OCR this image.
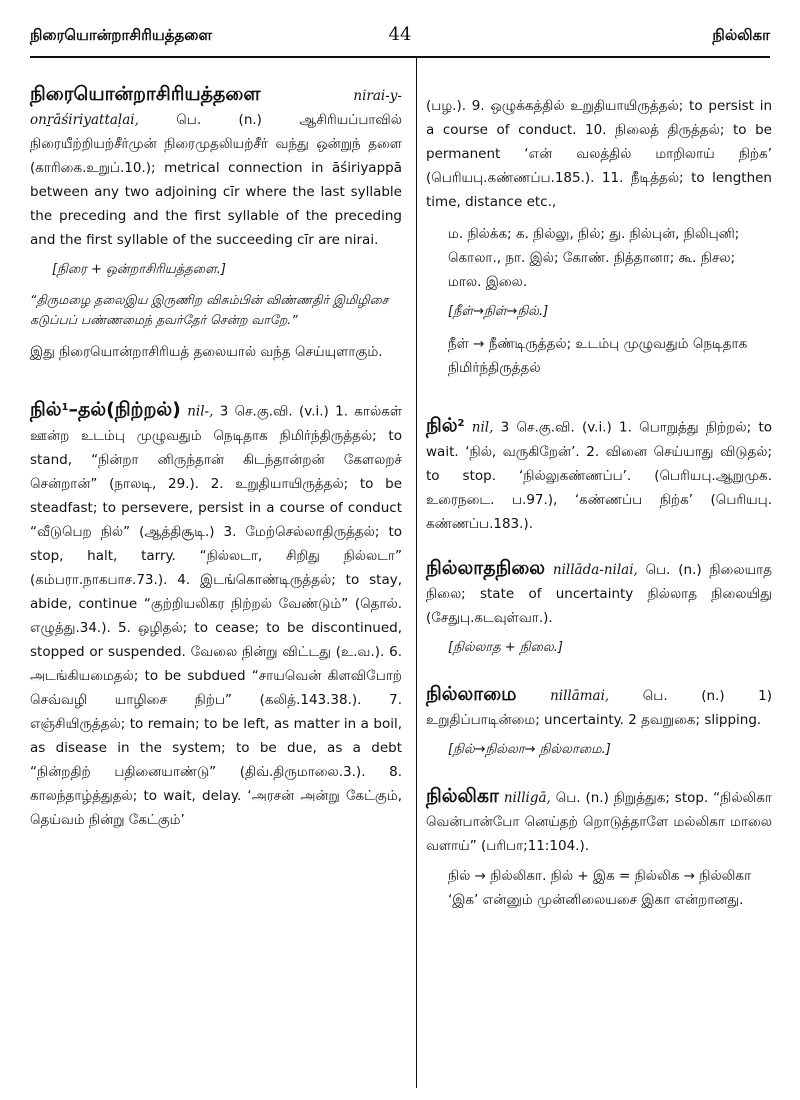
நிரையொன்றாசிரியத்தளை	44	நில்லிகா
நிரையொன்றாசிரியத்தளை	nirai-y-onṟāśiriyattaḷai,	பெ. (n.) ஆசிரியப்பாவில் நிரையீற்றியற்சீர்முன் நிரைமுதலியற்சீர் வந்து ஒன்றுந் தளை (காரிகை.உறுப்.10.); metrical connection in āśiriyappā between any two adjoining cīr where the last syllable the preceding and the first syllable of the preceding and the first syllable of the succeeding cīr are nirai.
[நிரை + ஒன்றாசிரியத்தளை.]
“திருமழை தலைஇய இருணிற விசும்பின் விண்ணதிர் இமிழிசை கடுப்பப் பண்ணமைந் தவர்தேர் சென்ற வாறே.”
இது நிரையொன்றாசிரியத் தலையால் வந்த செய்யுளாகும்.
நில்$^1$–தல்(நிற்றல்) nil-, 3 செ.கு.வி. (v.i.) 1. கால்கள் ஊன்ற உடம்பு முழுவதும் நெடிதாக நிமிர்ந்திருத்தல்; to stand, “நின்றா னிருந்தான் கிடந்தான்றன் கேளலறச் சென்றான்” (நாலடி, 29.). 2. உறுதியாயிருத்தல்; to be steadfast; to persevere, persist in a course of conduct “வீடுபெற நில்” (ஆத்திசூடி.) 3. மேற்செல்லாதிருத்தல்; to stop, halt, tarry. “நில்லடா, சிறிது நில்லடா” (கம்பரா.நாகபாச.73.). 4. இடங்கொண்டிருத்தல்; to stay, abide, continue “குற்றியலிகர நிற்றல் வேண்டும்” (தொல். எழுத்து.34.). 5. ஒழிதல்; to cease; to be discontinued, stopped or suspended. வேலை நின்று விட்டது (உ.வ.). 6. அடங்கியமைதல்; to be subdued “சாயவென் கிளவிபோற் செவ்வழி யாழிசை நிற்ப” (கலித்.143.38.). 7. எஞ்சியிருத்தல்; to remain; to be left, as matter in a boil, as disease in the system; to be due, as a debt “நின்றதிற் பதினையாண்டு” (திவ்.திருமாலை.3.). 8. காலந்தாழ்த்துதல்; to wait, delay. ‘அரசன் அன்று கேட்கும், தெய்வம் நின்று கேட்கும்’
(பழ.). 9. ஒழுக்கத்தில் உறுதியாயிருத்தல்; to persist in a course of conduct. 10. நிலைத் திருத்தல்; to be permanent ‘என் வலத்தில் மாறிலாய் நிற்க’ (பெரியபு.கண்ணப்ப.185.). 11. நீடித்தல்; to lengthen time, distance etc.,
ம. நில்க்க; க. நில்லு, நில்; து. நில்புன், நிலிபுனி; கொலா., நா. இல்; கோண். நித்தானா; கூ. நிசல; மால. இலை.
[நீள்→நிள்→நில்.]
நீள் → நீண்டிருத்தல்; உடம்பு முழுவதும் நெடிதாக நிமிர்ந்திருத்தல்
நில்$^2$ nil, 3 செ.கு.வி. (v.i.) 1. பொறுத்து நிற்றல்; to wait. ‘நில், வருகிறேன்’. 2. வினை செய்யாது விடுதல்; to stop. ‘நில்லுகண்ணப்ப’. (பெரியபு.ஆறுமுக. உரைநடை. ப.97.), ‘கண்ணப்ப நிற்க’ (பெரியபு. கண்ணப்ப.183.).
நில்லாதநிலை nillāda-nilai, பெ. (n.) நிலையாத நிலை; state of uncertainty நில்லாத நிலையிது (சேதுபு.கடவுள்வா.).
[நில்லாத + நிலை.]
நில்லாமை nillāmai, பெ. (n.) 1) உறுதிப்பாடின்மை; uncertainty. 2 தவறுகை; slipping.
[நில்→நில்லா→ நில்லாமை.]
நில்லிகா nilligā, பெ. (n.) நிறுத்துக; stop. “நில்லிகா வென்பான்போ னெய்தற் றொடுத்தாளே மல்லிகா மாலை வளாய்” (பரிபா;11:104.).
நில் → நில்லிகா. நில் + இக = நில்லிக → நில்லிகா ‘இக’ என்னும் முன்னிலையசை இகா என்றானது.
